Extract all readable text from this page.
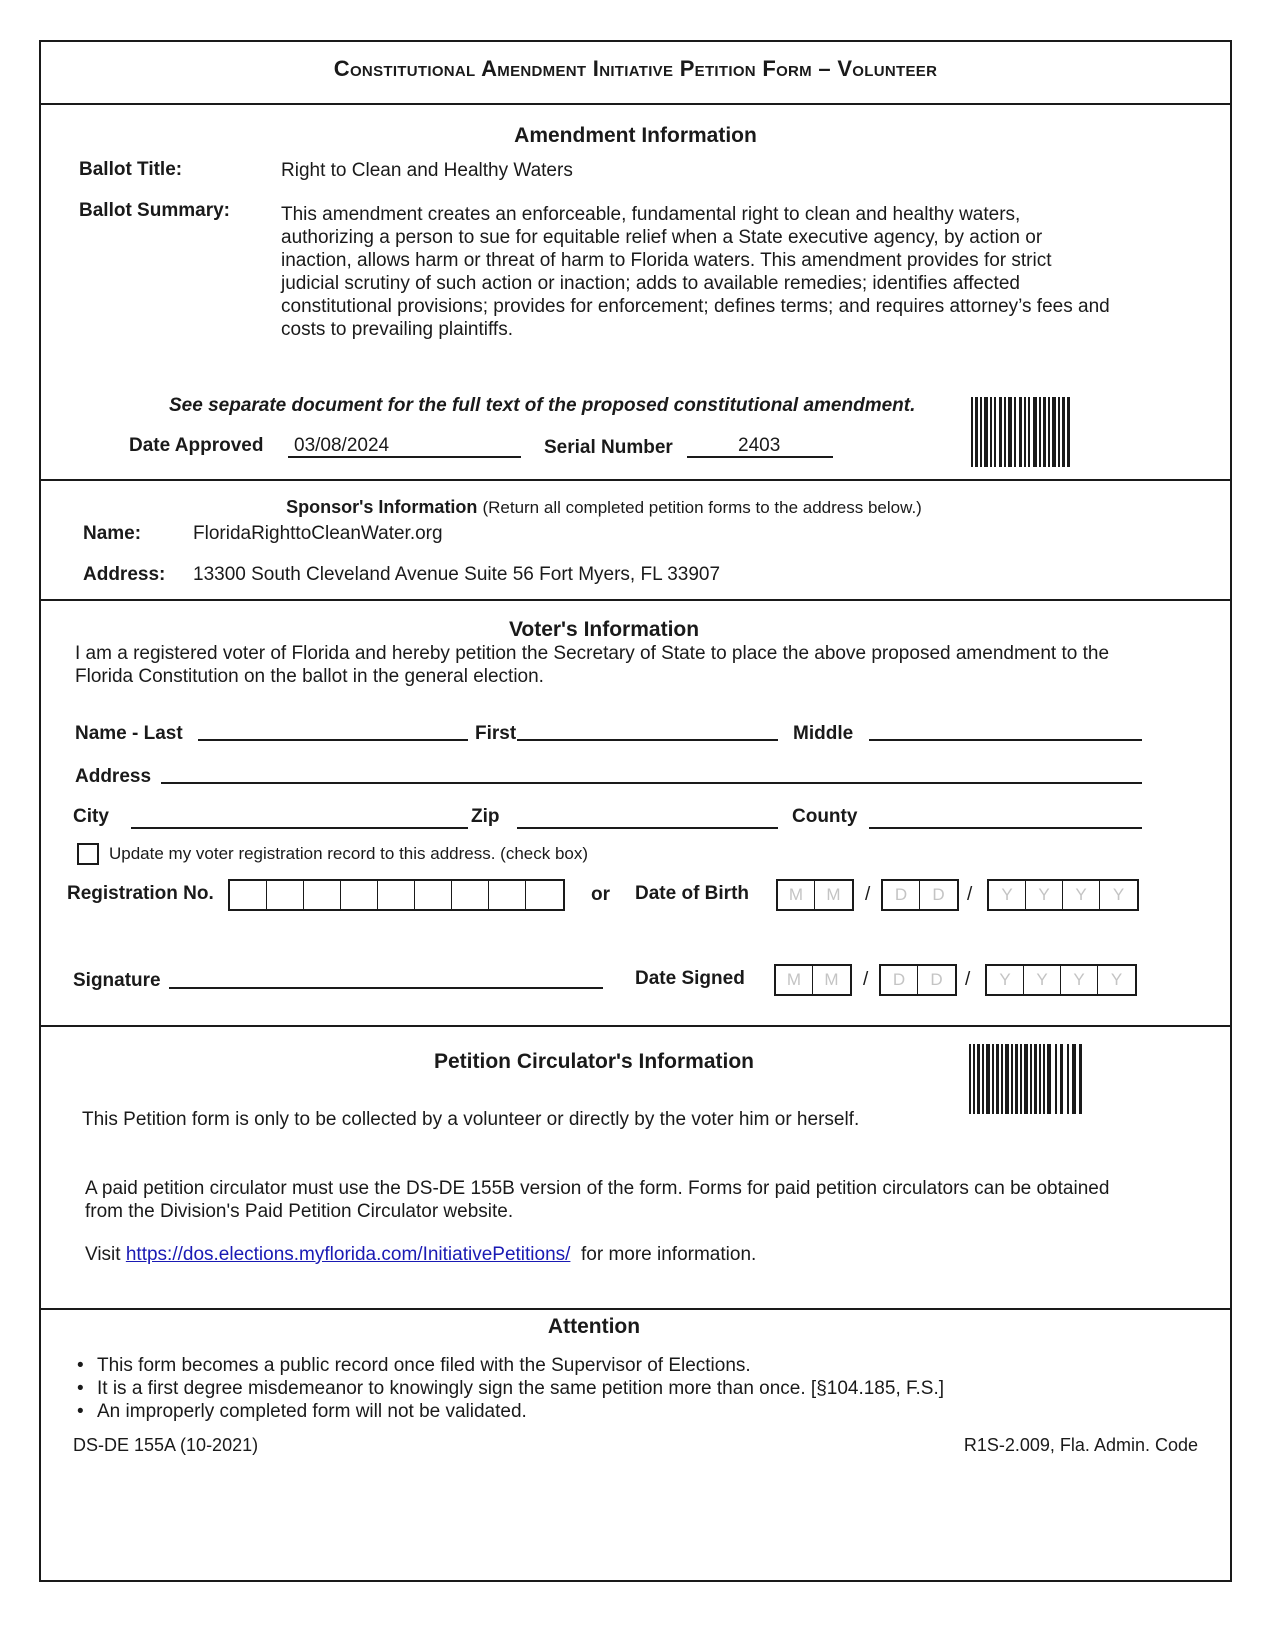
Constitutional Amendment Initiative Petition Form – Volunteer
Amendment Information
Ballot Title:	Right to Clean and Healthy Waters
Ballot Summary:	This amendment creates an enforceable, fundamental right to clean and healthy waters, authorizing a person to sue for equitable relief when a State executive agency, by action or inaction, allows harm or threat of harm to Florida waters. This amendment provides for strict judicial scrutiny of such action or inaction; adds to available remedies; identifies affected constitutional provisions; provides for enforcement; defines terms; and requires attorney’s fees and costs to prevailing plaintiffs.
See separate document for the full text of the proposed constitutional amendment.
Date Approved 03/08/2024	Serial Number	2403
Sponsor's Information (Return all completed petition forms to the address below.)
Name:	FloridaRighttoCleanWater.org
Address: 13300 South Cleveland Avenue Suite 56 Fort Myers, FL 33907
Voter's Information
I am a registered voter of Florida and hereby petition the Secretary of State to place the above proposed amendment to the Florida Constitution on the ballot in the general election.
Name - Last	First	Middle
Address
City	Zip	County
Update my voter registration record to this address. (check box)
Registration No.	or Date of Birth	M	M	/	D	D	/	Y	Y	Y	Y
Signature	Date Signed	M	M	/	D	D	/	Y	Y	Y	Y
Petition Circulator's Information
This Petition form is only to be collected by a volunteer or directly by the voter him or herself.
A paid petition circulator must use the DS-DE 155B version of the form. Forms for paid petition circulators can be obtained from the Division's Paid Petition Circulator website.
Visit https://dos.elections.myflorida.com/InitiativePetitions/ for more information.
Attention
• This form becomes a public record once filed with the Supervisor of Elections.
• It is a first degree misdemeanor to knowingly sign the same petition more than once. [§104.185, F.S.]
• An improperly completed form will not be validated.
DS-DE 155A (10-2021)	R1S-2.009, Fla. Admin. Code
